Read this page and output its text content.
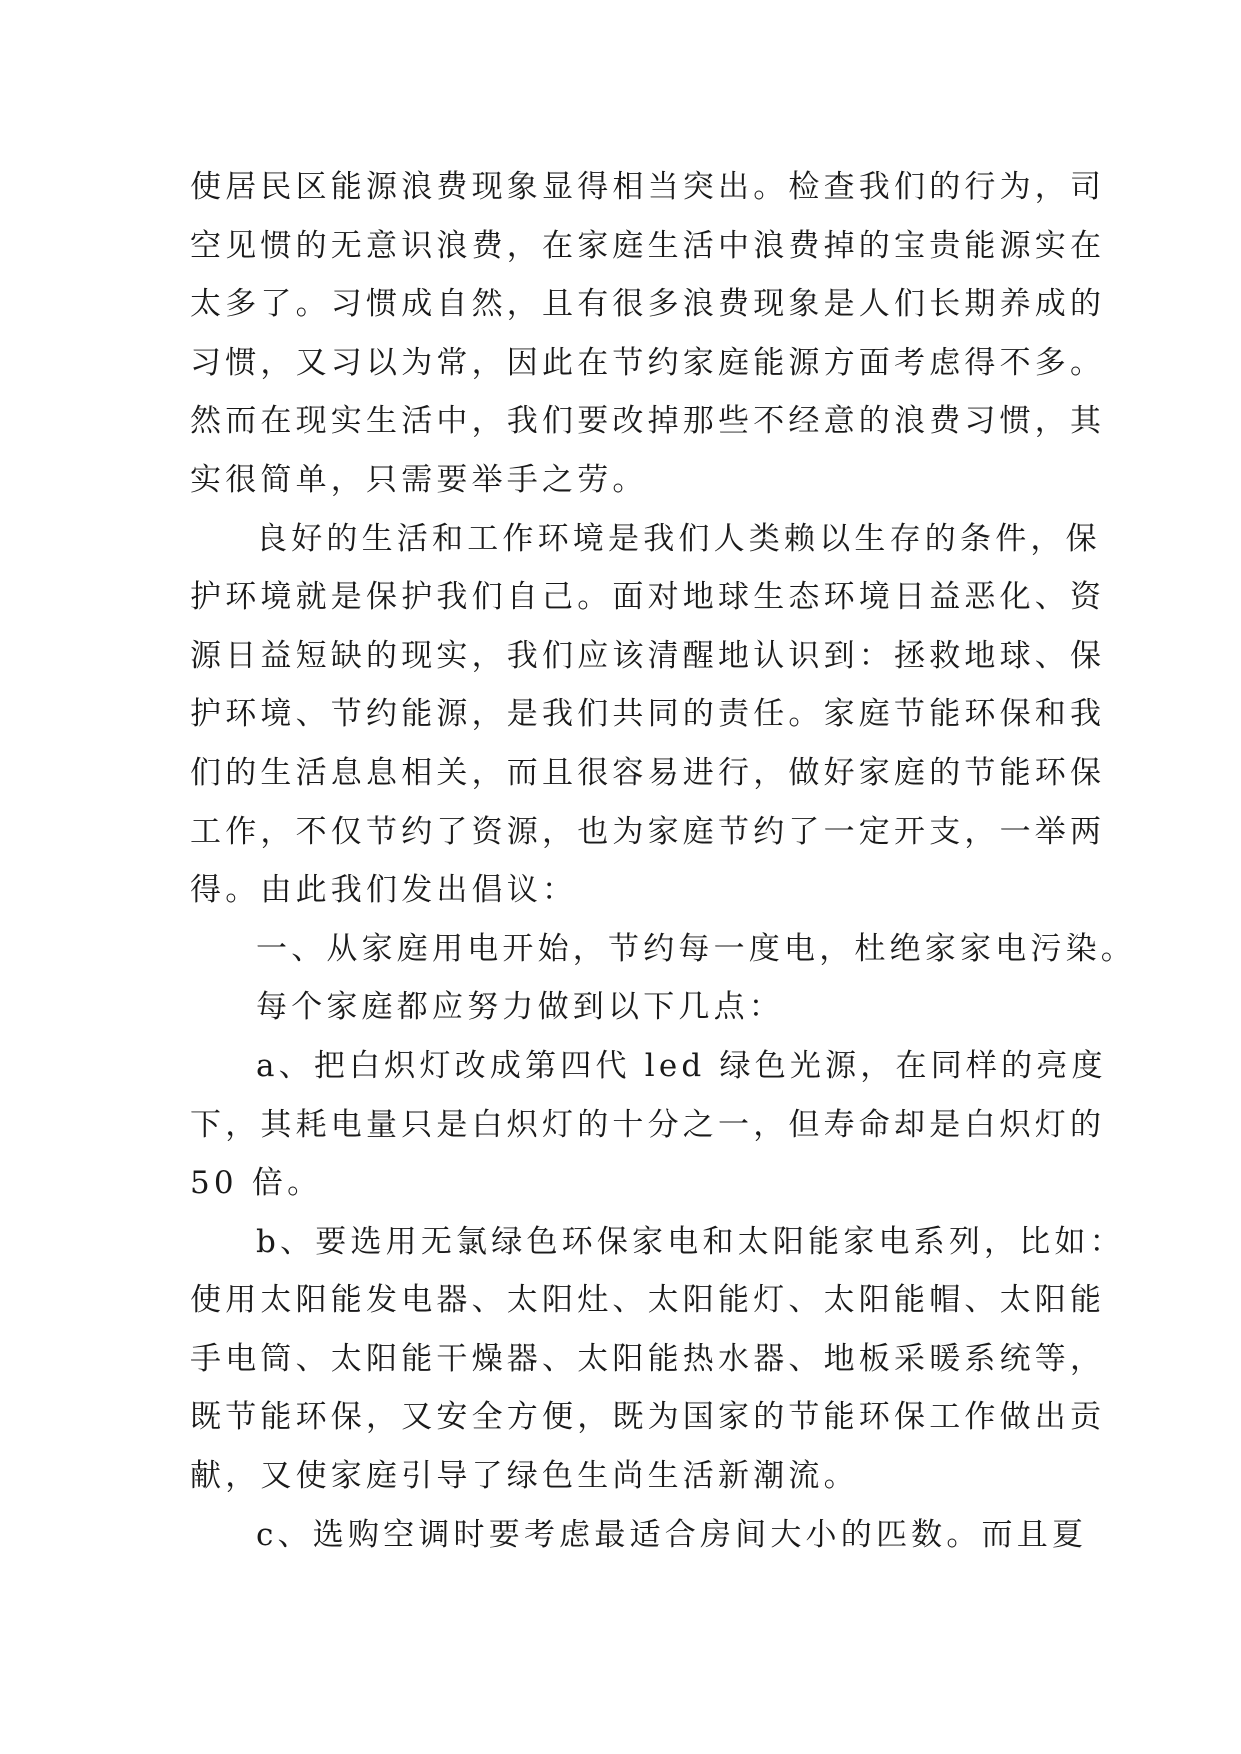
使居民区能源浪费现象显得相当突出。检查我们的行为，司
空见惯的无意识浪费，在家庭生活中浪费掉的宝贵能源实在
太多了。习惯成自然，且有很多浪费现象是人们长期养成的
习惯，又习以为常，因此在节约家庭能源方面考虑得不多。
然而在现实生活中，我们要改掉那些不经意的浪费习惯，其
实很简单，只需要举手之劳。
良好的生活和工作环境是我们人类赖以生存的条件，保
护环境就是保护我们自己。面对地球生态环境日益恶化、资
源日益短缺的现实，我们应该清醒地认识到：拯救地球、保
护环境、节约能源，是我们共同的责任。家庭节能环保和我
们的生活息息相关，而且很容易进行，做好家庭的节能环保
工作，不仅节约了资源，也为家庭节约了一定开支，一举两
得。由此我们发出倡议：
一、从家庭用电开始，节约每一度电，杜绝家家电污染。
每个家庭都应努力做到以下几点：
a、把白炽灯改成第四代 led 绿色光源，在同样的亮度
下，其耗电量只是白炽灯的十分之一，但寿命却是白炽灯的
50 倍。
b、要选用无氯绿色环保家电和太阳能家电系列，比如：
使用太阳能发电器、太阳灶、太阳能灯、太阳能帽、太阳能
手电筒、太阳能干燥器、太阳能热水器、地板采暖系统等，
既节能环保，又安全方便，既为国家的节能环保工作做出贡
献，又使家庭引导了绿色生尚生活新潮流。
c、选购空调时要考虑最适合房间大小的匹数。而且夏
